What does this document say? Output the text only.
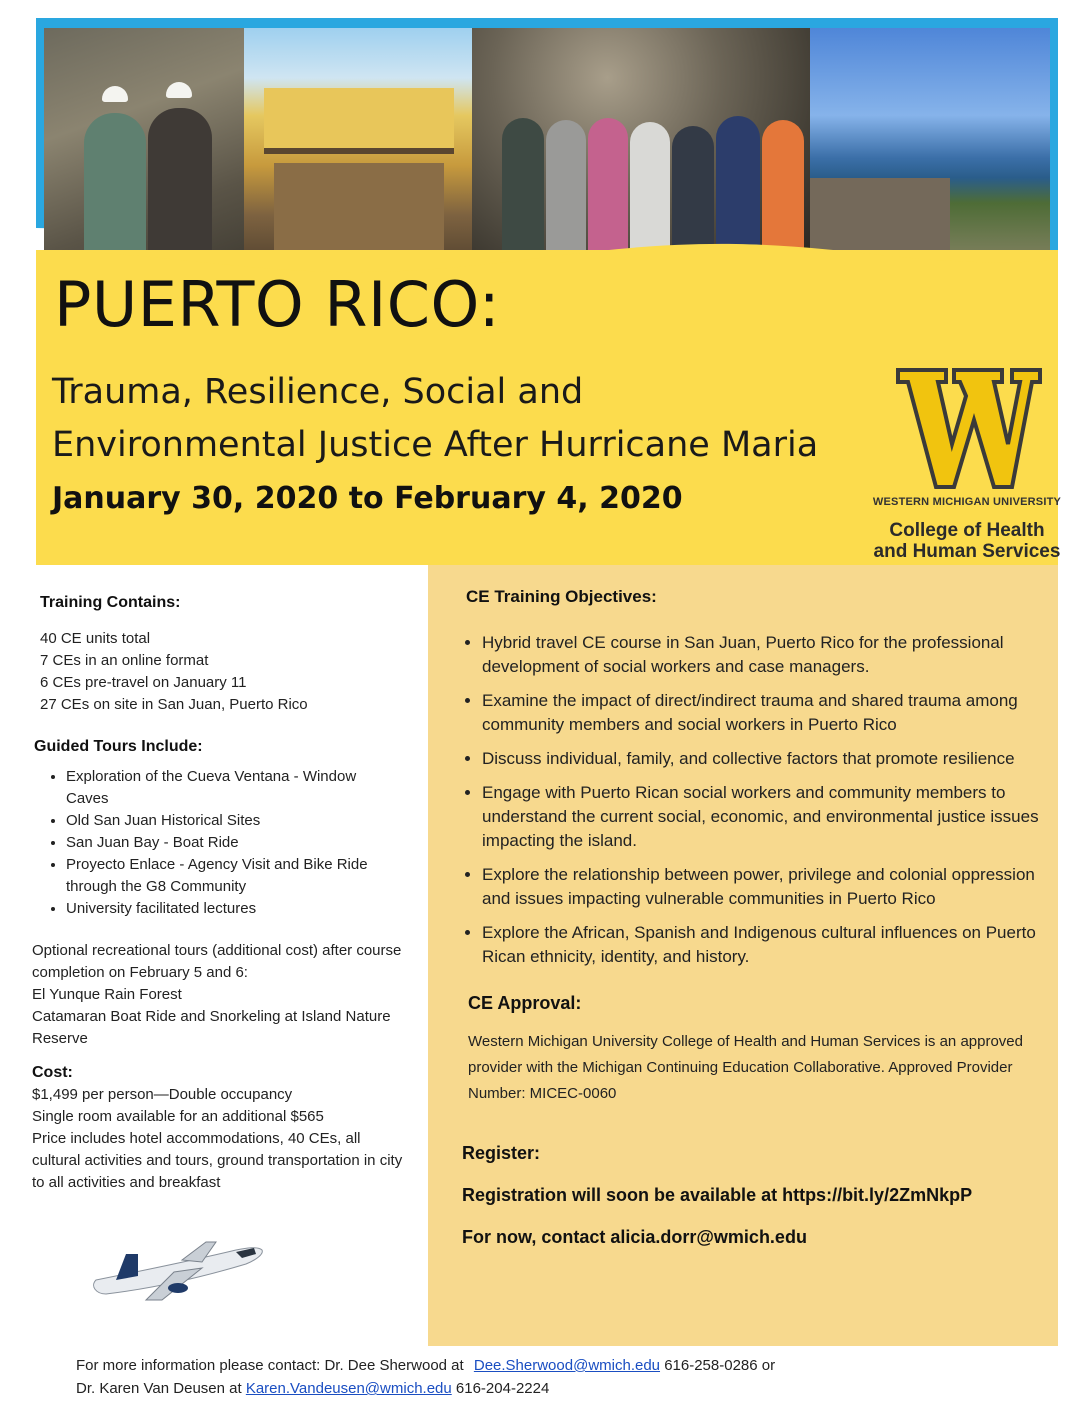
PUERTO RICO:
Trauma, Resilience, Social and
Environmental Justice After Hurricane Maria
January 30, 2020 to February 4, 2020	WESTERN MICHIGAN UNIVERSITY
College of Health
and Human Services
Training Contains:

40 CE units total

7 CEs in an online format

6 CEs pre-travel on January 11

27 CEs on site in San Juan, Puerto Rico

Guided Tours Include:
• Exploration of the Cueva Ventana - Window Caves
• Old San Juan Historical Sites
• San Juan Bay - Boat Ride
• Proyecto Enlace - Agency Visit and Bike Ride through the G8 Community
• University facilitated lectures

Optional recreational tours (additional cost) after course completion on February 5 and 6:

El Yunque Rain Forest

Catamaran Boat Ride and Snorkeling at Island Nature Reserve

Cost:

$1,499 per person—Double occupancy

Single room available for an additional $565

Price includes hotel accommodations, 40 CEs, all cultural activities and tours, ground transportation in city to all activities and breakfast

CE Training Objectives:
• Hybrid travel CE course in San Juan, Puerto Rico for the professional development of social workers and case managers.
• Examine the impact of direct/indirect trauma and shared trauma among community members and social workers in Puerto Rico
• Discuss individual, family, and collective factors that promote resilience
• Engage with Puerto Rican social workers and community members to understand the current social, economic, and environmental justice issues impacting the island.
• Explore the relationship between power, privilege and colonial oppression and issues impacting vulnerable communities in Puerto Rico
• Explore the African, Spanish and Indigenous cultural influences on Puerto Rican ethnicity, identity, and history.
CE Approval:
Western Michigan University College of Health and Human Services is an approved provider with the Michigan Continuing Education Collaborative. Approved Provider Number: MICEC-0060
Register:
Registration will soon be available at https://bit.ly/2ZmNkpP
For now, contact alicia.dorr@wmich.edu
For more information please contact: Dr. Dee Sherwood at Dee.Sherwood@wmich.edu 616-258-0286 or
Dr. Karen Van Deusen at Karen.Vandeusen@wmich.edu 616-204-2224
